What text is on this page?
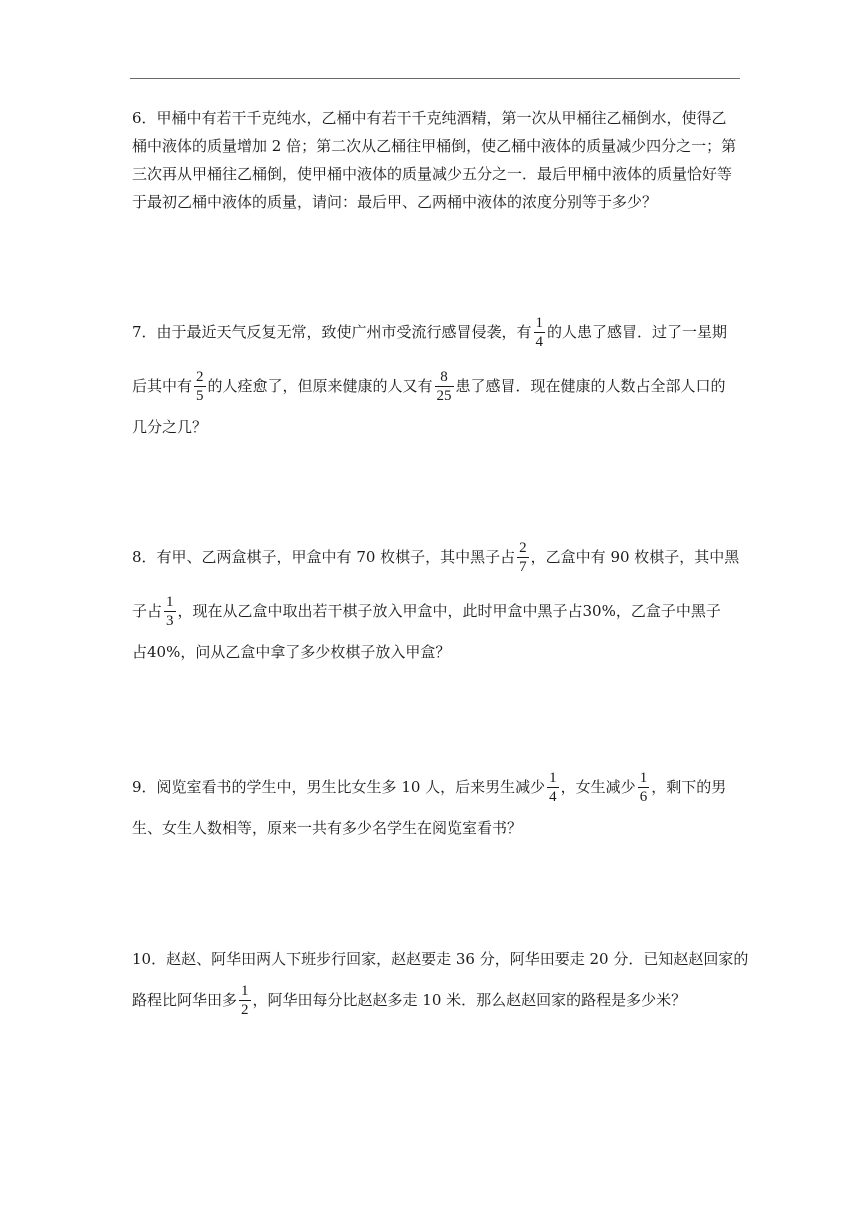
6．甲桶中有若干千克纯水，乙桶中有若干千克纯酒精，第一次从甲桶往乙桶倒水，使得乙
桶中液体的质量增加 2 倍；第二次从乙桶往甲桶倒，使乙桶中液体的质量减少四分之一；第
三次再从甲桶往乙桶倒，使甲桶中液体的质量减少五分之一．最后甲桶中液体的质量恰好等
于最初乙桶中液体的质量，请问：最后甲、乙两桶中液体的浓度分别等于多少？
7．由于最近天气反复无常，致使广州市受流行感冒侵袭，有 $\frac{1}{4}$ 的人患了感冒．过了一星期
后其中有 $\frac{2}{5}$ 的人痊愈了，但原来健康的人又有 $\frac{8}{25}$ 患了感冒．现在健康的人数占全部人口的
几分之几？
8．有甲、乙两盒棋子，甲盒中有 70 枚棋子，其中黑子占 $\frac{2}{7}$ ，乙盒中有 90 枚棋子，其中黑
子占 $\frac{1}{3}$ ，现在从乙盒中取出若干棋子放入甲盒中，此时甲盒中黑子占30%，乙盒子中黑子
占40%，问从乙盒中拿了多少枚棋子放入甲盒？
9．阅览室看书的学生中，男生比女生多 10 人，后来男生减少 $\frac{1}{4}$ ，女生减少 $\frac{1}{6}$ ，剩下的男
生、女生人数相等，原来一共有多少名学生在阅览室看书？
10．赵赵、阿华田两人下班步行回家，赵赵要走 36 分，阿华田要走 20 分．已知赵赵回家的
路程比阿华田多 $\frac{1}{2}$ ，阿华田每分比赵赵多走 10 米．那么赵赵回家的路程是多少米？
